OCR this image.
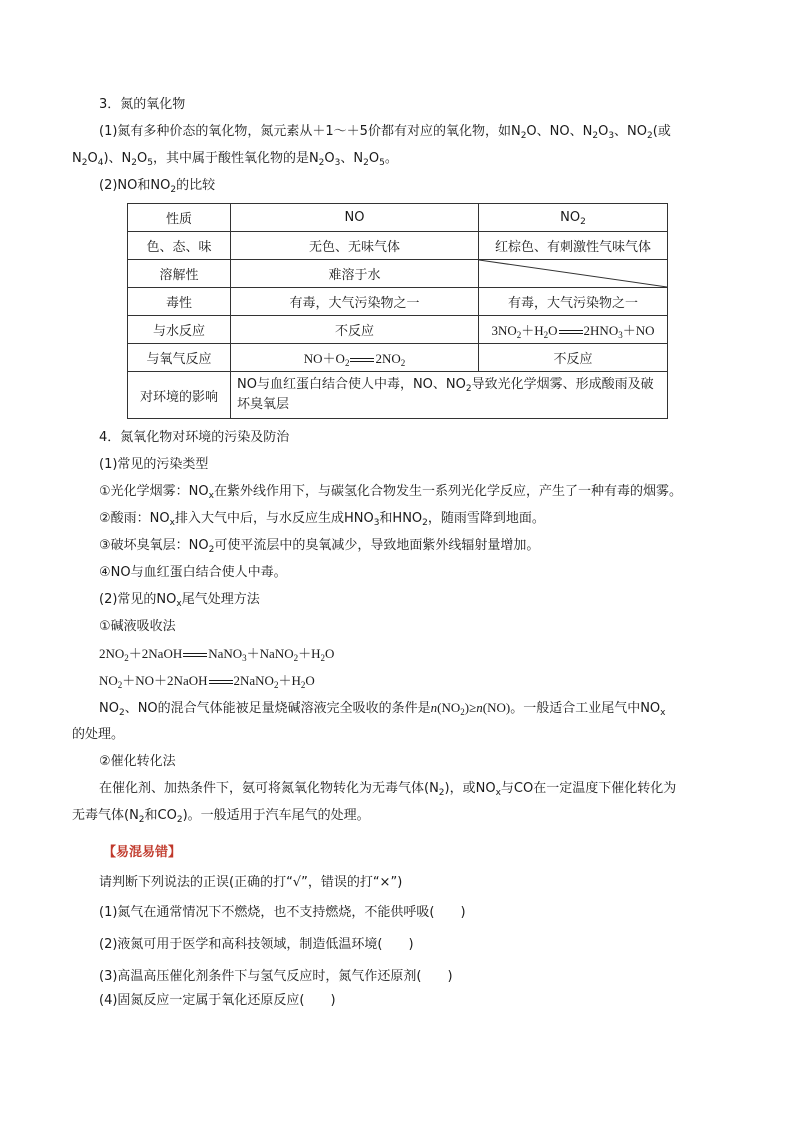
3．氮的氧化物
(1)氮有多种价态的氧化物，氮元素从＋1～＋5价都有对应的氧化物，如$N_2O$、NO、$N_2O_3$、$NO_2$(或
$N_2O_4$)、$N_2O_5$，其中属于酸性氧化物的是$N_2O_3$、$N_2O_5$。
(2)NO和$NO_2$的比较
性质	NO	$NO_2$
色、态、味	无色、无味气体	红棕色、有刺激性气味气体
溶解性	难溶于水	

毒性	有毒，大气污染物之一	有毒，大气污染物之一
与水反应	不反应	$3NO_2+H_2O$ $2HNO_3+NO$
与氧气反应	$NO+O_2$ $2NO_2$	不反应
对环境的影响	NO与血红蛋白结合使人中毒，NO、$NO_2$导致光化学烟雾、形成酸雨及破坏臭氧层	
4．氮氧化物对环境的污染及防治
(1)常见的污染类型
①光化学烟雾：$NO_x$在紫外线作用下，与碳氢化合物发生一系列光化学反应，产生了一种有毒的烟雾。
②酸雨：$NO_x$排入大气中后，与水反应生成$HNO_3$和$HNO_2$，随雨雪降到地面。
③破坏臭氧层：$NO_2$可使平流层中的臭氧减少，导致地面紫外线辐射量增加。
④NO与血红蛋白结合使人中毒。
(2)常见的$NO_x$尾气处理方法
①碱液吸收法
$2NO_2+2NaOH$ $NaNO_3+NaNO_2+H_2O$
$NO_2+NO+2NaOH$ $2NaNO_2+H_2O$
$NO_2$、NO的混合气体能被足量烧碱溶液完全吸收的条件是$n(NO_2)\ge n(NO)$。一般适合工业尾气中$NO_x$
的处理。
②催化转化法
在催化剂、加热条件下，氨可将氮氧化物转化为无毒气体$(N_2)$，或$NO_x$与CO在一定温度下催化转化为
无毒气体($N_2$和$CO_2$)。一般适用于汽车尾气的处理。
【易混易错】
请判断下列说法的正误(正确的打“√”，错误的打“×”)
(1)氮气在通常情况下不燃烧，也不支持燃烧，不能供呼吸(　　)
(2)液氮可用于医学和高科技领域，制造低温环境(　　)
(3)高温高压催化剂条件下与氢气反应时，氮气作还原剂(　　)
(4)固氮反应一定属于氧化还原反应(　　)
